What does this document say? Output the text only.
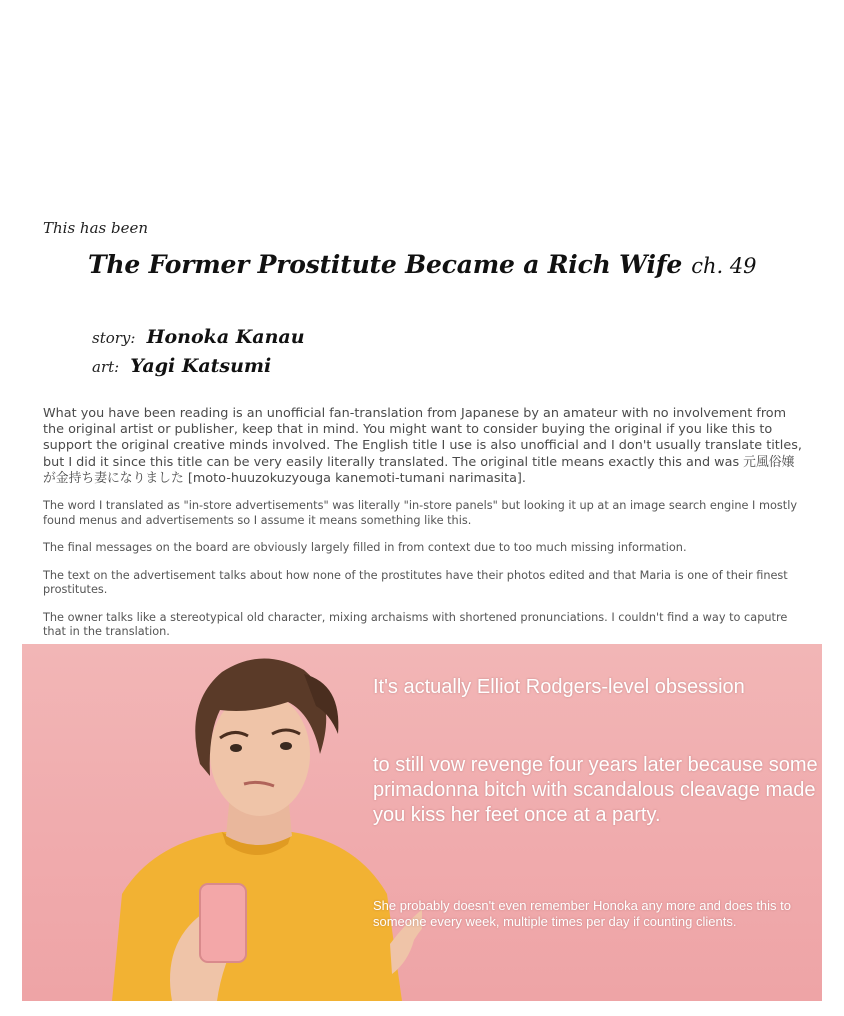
This has been
The Former Prostitute Became a Rich Wife ch. 49
story: Honoka Kanau
art: Yagi Katsumi

What you have been reading is an unofficial fan-translation from Japanese by an amateur with no involvement from the original artist or publisher, keep that in mind. You might want to consider buying the original if you like this to support the original creative minds involved. The English title I use is also unofficial and I don't usually translate titles, but I did it since this title can be very easily literally translated. The original title means exactly this and was 元風俗嬢が金持ち妻になりました [moto-huuzokuzyouga kanemoti-tumani narimasita].

The word I translated as "in-store advertisements" was literally "in-store panels" but looking it up at an image search engine I mostly found menus and advertisements so I assume it means something like this.

The final messages on the board are obviously largely filled in from context due to too much missing information.

The text on the advertisement talks about how none of the prostitutes have their photos edited and that Maria is one of their finest prostitutes.

The owner talks like a stereotypical old character, mixing archaisms with shortened pronunciations. I couldn't find a way to caputre that in the translation.

It's actually Elliot Rodgers-level obsession
to still vow revenge four years later because some primadonna bitch with scandalous cleavage made you kiss her feet once at a party.
She probably doesn't even remember Honoka any more and does this to someone every week, multiple times per day if counting clients.
